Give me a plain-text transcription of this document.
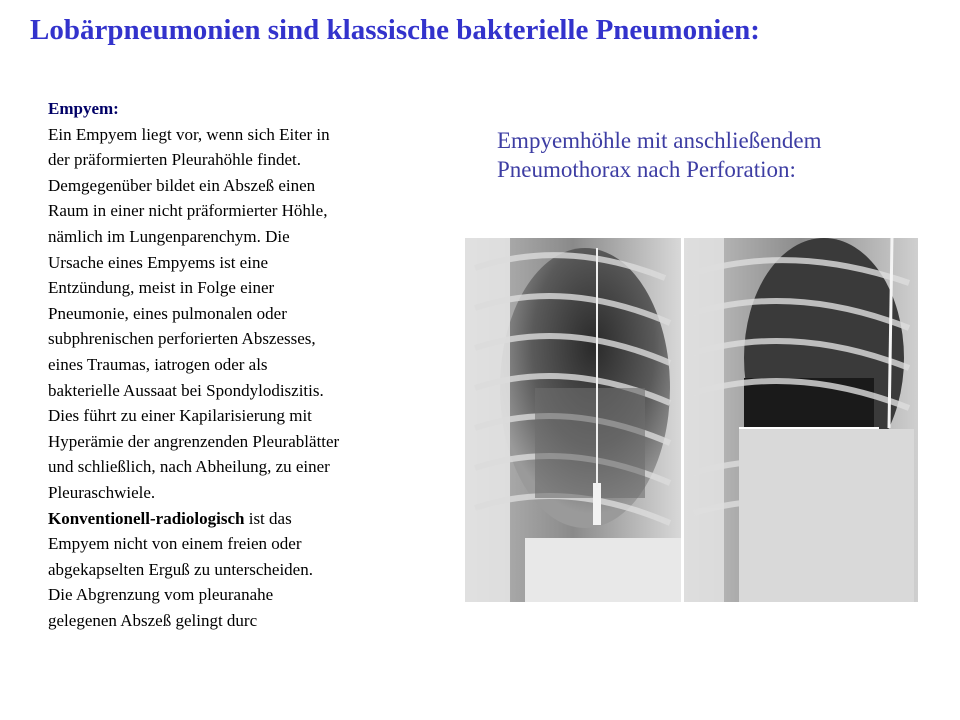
Lobärpneumonien sind klassische bakterielle Pneumonien:
Empyem:
Ein Empyem liegt vor, wenn sich Eiter in
der präformierten Pleurahöhle findet.
Demgegenüber bildet ein Abszeß einen
Raum in einer nicht präformierter Höhle,
nämlich im Lungenparenchym. Die
Ursache eines Empyems ist eine
Entzündung, meist in Folge einer
Pneumonie, eines pulmonalen oder
subphrenischen perforierten Abszesses,
eines Traumas, iatrogen oder als
bakterielle Aussaat bei Spondylodiszitis.
Dies führt zu einer Kapilarisierung mit
Hyperämie der angrenzenden Pleurablätter
und schließlich, nach Abheilung, zu einer
Pleuraschwiele.
Konventionell-radiologisch ist das
Empyem nicht von einem freien oder
abgekapselten Erguß zu unterscheiden.
Die Abgrenzung vom pleuranahe
gelegenen Abszeß gelingt durc
Empyemhöhle mit anschließendem
Pneumothorax nach Perforation:
